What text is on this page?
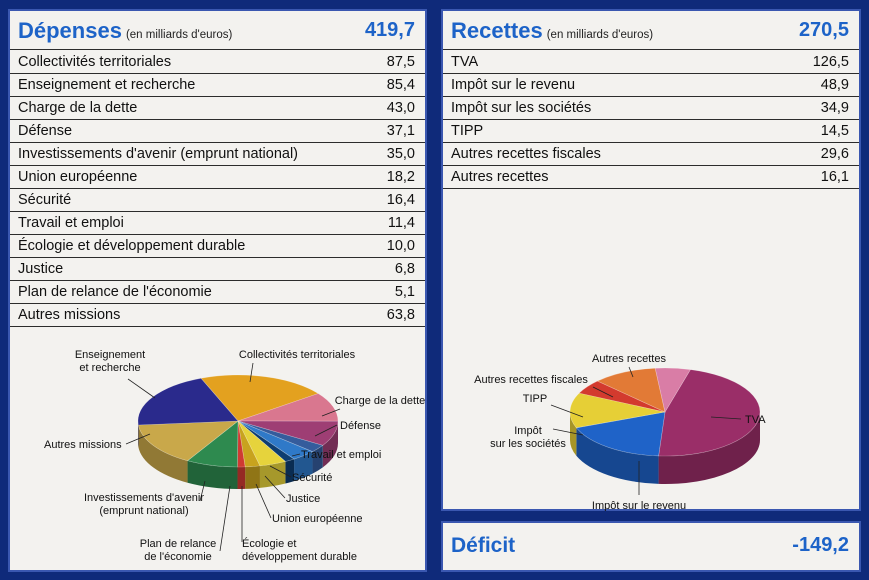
Dépenses (en milliards d'euros)	419,7
Collectivités territoriales	87,5
Enseignement et recherche	85,4
Charge de la dette	43,0
Défense	37,1
Investissements d'avenir (emprunt national)	35,0
Union européenne	18,2
Sécurité	16,4
Travail et emploi	11,4
Écologie et développement durable	10,0
Justice	6,8
Plan de relance de l'économie	5,1
Autres missions	63,8
Collectivités territoriales
Charge de la dette
Défense
Travail et emploi
Sécurité
Justice
Union européenne
Écologie et développement durable
Plan de relance de l'économie
Investissements d'avenir (emprunt national)
Autres missions
Enseignement et recherche
Recettes (en milliards d'euros)	270,5
TVA	126,5
Impôt sur le revenu	48,9
Impôt sur les sociétés	34,9
TIPP	14,5
Autres recettes fiscales	29,6
Autres recettes	16,1
TVA
Impôt sur le revenu
Impôt sur les sociétés
TIPP
Autres recettes fiscales
Autres recettes
Déficit	-149,2
